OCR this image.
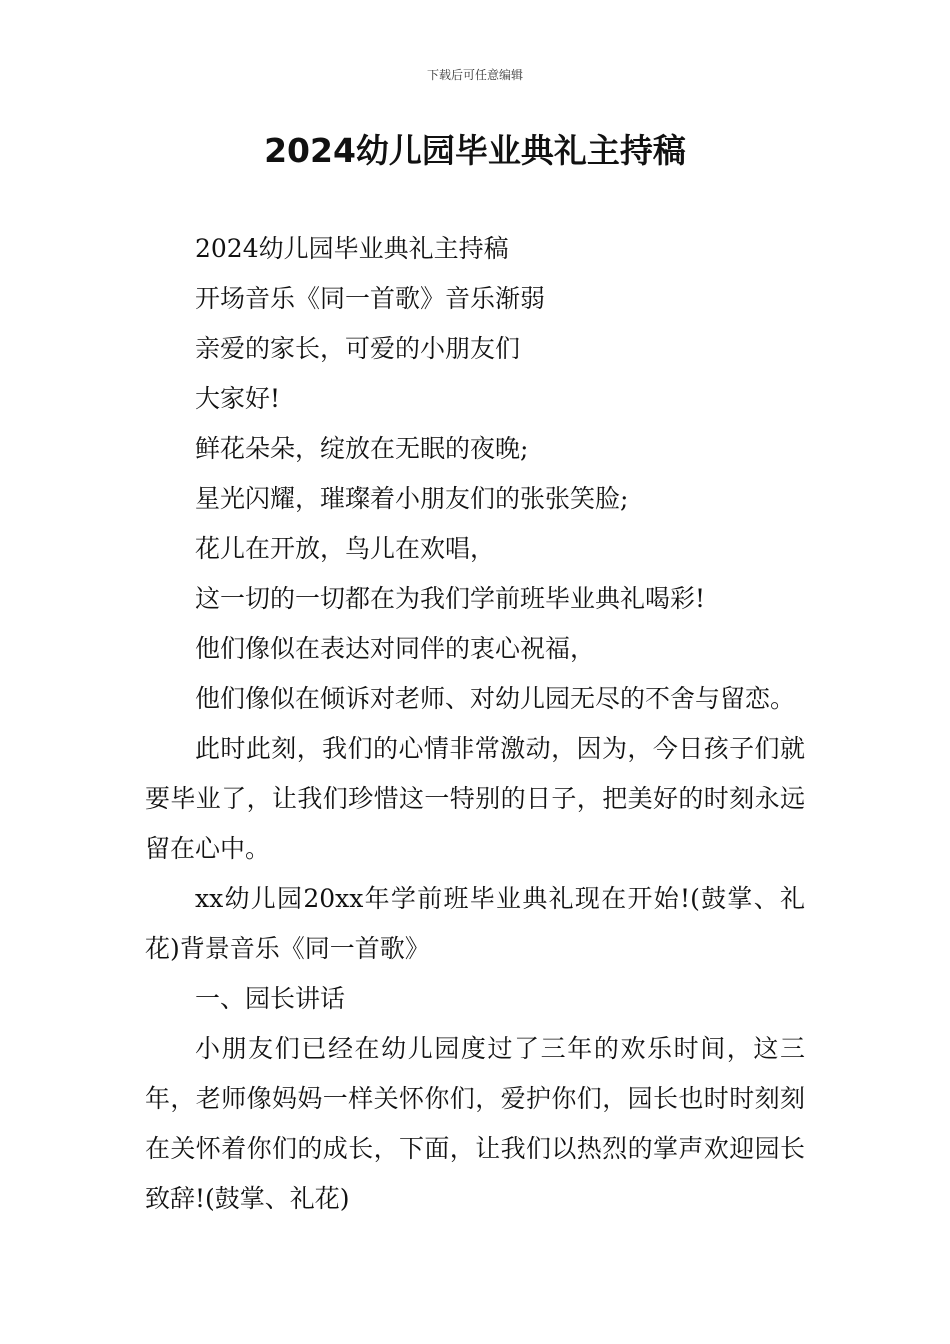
下载后可任意编辑
2024幼儿园毕业典礼主持稿

2024幼儿园毕业典礼主持稿

开场音乐《同一首歌》音乐渐弱

亲爱的家长，可爱的小朋友们

大家好!

鲜花朵朵，绽放在无眠的夜晚;

星光闪耀，璀璨着小朋友们的张张笑脸;

花儿在开放，鸟儿在欢唱，

这一切的一切都在为我们学前班毕业典礼喝彩!

他们像似在表达对同伴的衷心祝福，

他们像似在倾诉对老师、对幼儿园无尽的不舍与留恋。

此时此刻，我们的心情非常激动，因为，今日孩子们就要毕业了，让我们珍惜这一特别的日子，把美好的时刻永远留在心中。

xx幼儿园20xx年学前班毕业典礼现在开始!(鼓掌、礼花)背景音乐《同一首歌》

一、园长讲话

小朋友们已经在幼儿园度过了三年的欢乐时间，这三年，老师像妈妈一样关怀你们，爱护你们，园长也时时刻刻在关怀着你们的成长，下面，让我们以热烈的掌声欢迎园长致辞!(鼓掌、礼花)
